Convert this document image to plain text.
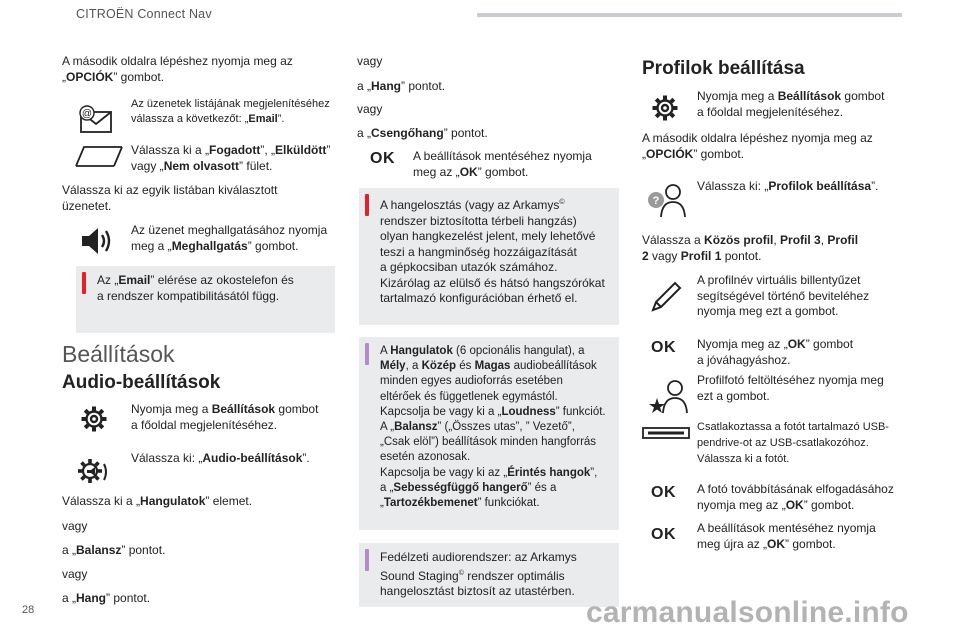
CITROËN Connect Nav

A második oldalra lépéshez nyomja meg az
„OPCIÓK” gombot.

@

Az üzenetek listájának megjelenítéséhez
válassza a következőt: „Email”.

Válassza ki a „Fogadott”, „Elküldött”
vagy „Nem olvasott” fület.

Válassza ki az egyik listában kiválasztott
üzenetet.

Az üzenet meghallgatásához nyomja
meg a „Meghallgatás” gombot.

Az „Email” elérése az okostelefon és
a rendszer kompatibilitásától függ.
Beállítások
Audio-beállítások

Nyomja meg a Beállítások gombot
a főoldal megjelenítéséhez.

Válassza ki: „Audio-beállítások”.

Válassza ki a „Hangulatok” elemet.

vagy

a „Balansz” pontot.

vagy

a „Hang” pontot.

vagy

a „Hang” pontot.

vagy

a „Csengőhang” pontot.

OK A beállítások mentéséhez nyomja
meg az „OK” gombot.

A hangelosztás (vagy az Arkamys©
rendszer biztosította térbeli hangzás)
olyan hangkezelést jelent, mely lehetővé
teszi a hangminőség hozzáigazítását
a gépkocsiban utazók számához.
Kizárólag az elülső és hátsó hangszórókat
tartalmazó konfigurációban érhető el.
A Hangulatok (6 opcionális hangulat), a
Mély, a Közép és Magas audiobeállítások
minden egyes audioforrás esetében
eltérőek és függetlenek egymástól.
Kapcsolja be vagy ki a „Loudness” funkciót.
A „Balansz” („Összes utas”, ” Vezető”,
„Csak elöl”) beállítások minden hangforrás
esetén azonosak.
Kapcsolja be vagy ki az „Érintés hangok”,
a „Sebességfüggő hangerő” és a
„Tartozékbemenet” funkciókat.
Fedélzeti audiorendszer: az Arkamys
Sound Staging© rendszer optimális
hangelosztást biztosít az utastérben.
Profilok beállítása

Nyomja meg a Beállítások gombot
a főoldal megjelenítéséhez.

A második oldalra lépéshez nyomja meg az
„OPCIÓK” gombot.

?

Válassza ki: „Profilok beállítása”.

Válassza a Közös profil, Profil 3, Profil
2 vagy Profil 1 pontot.

A profilnév virtuális billentyűzet
segítségével történő beviteléhez
nyomja meg ezt a gombot.

OK Nyomja meg az „OK” gombot
a jóváhagyáshoz.

Profilfotó feltöltéséhez nyomja meg
ezt a gombot.

Csatlakoztassa a fotót tartalmazó USB-
pendrive-ot az USB-csatlakozóhoz.
Válassza ki a fotót.

OK A fotó továbbításának elfogadásához
nyomja meg az „OK” gombot.

OK A beállítások mentéséhez nyomja
meg újra az „OK” gombot.

28	carmanualsonline.info
